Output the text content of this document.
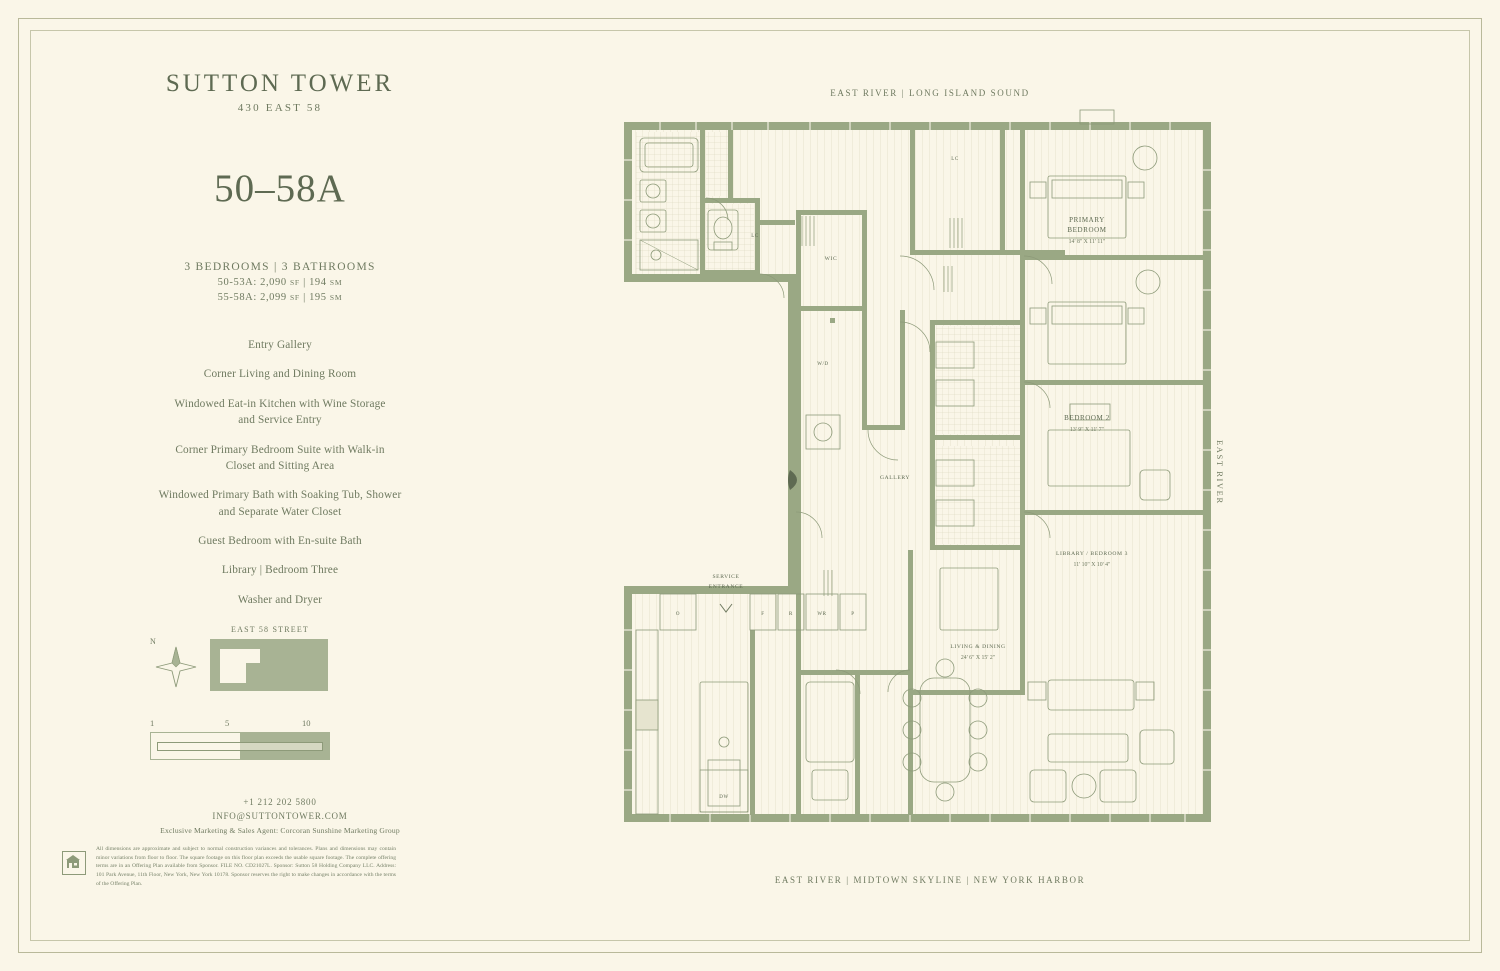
SUTTON TOWER
430 EAST 58
50–58A
3 BEDROOMS | 3 BATHROOMS
50-53A: 2,090 SF | 194 SM
55-58A: 2,099 SF | 195 SM
Entry Gallery
Corner Living and Dining Room
Windowed Eat-in Kitchen with Wine Storage and Service Entry
Corner Primary Bedroom Suite with Walk-in Closet and Sitting Area
Windowed Primary Bath with Soaking Tub, Shower and Separate Water Closet
Guest Bedroom with En-suite Bath
Library | Bedroom Three
Washer and Dryer
EAST 58 STREET
N
1	5	10
+1 212 202 5800
INFO@SUTTONTOWER.COM
Exclusive Marketing & Sales Agent: Corcoran Sunshine Marketing Group
All dimensions are approximate and subject to normal construction variances and tolerances. Plans and dimensions may contain minor variations from floor to floor. The square footage on this floor plan exceeds the usable square footage. The complete offering terms are in an Offering Plan available from Sponsor. FILE NO. CD21027L. Sponsor: Sutton 58 Holding Company LLC. Address: 101 Park Avenue, 11th Floor, New York, New York 10178. Sponsor reserves the right to make changes in accordance with the terms of the Offering Plan.
EAST RIVER | LONG ISLAND SOUND
EAST RIVER | MIDTOWN SKYLINE | NEW YORK HARBOR
EAST RIVER
PRIMARY
BEDROOM
14' 8" X 11' 11"
BEDROOM 2
13' 9" X 11' 7"
LIBRARY / BEDROOM 3
11' 10" X 10' 4"
LIVING & DINING
24' 6" X 15' 2"
GALLERY
WIC
W/D
LC
LC
DW
O	F	R	WR	P
SERVICE
ENTRANCE
